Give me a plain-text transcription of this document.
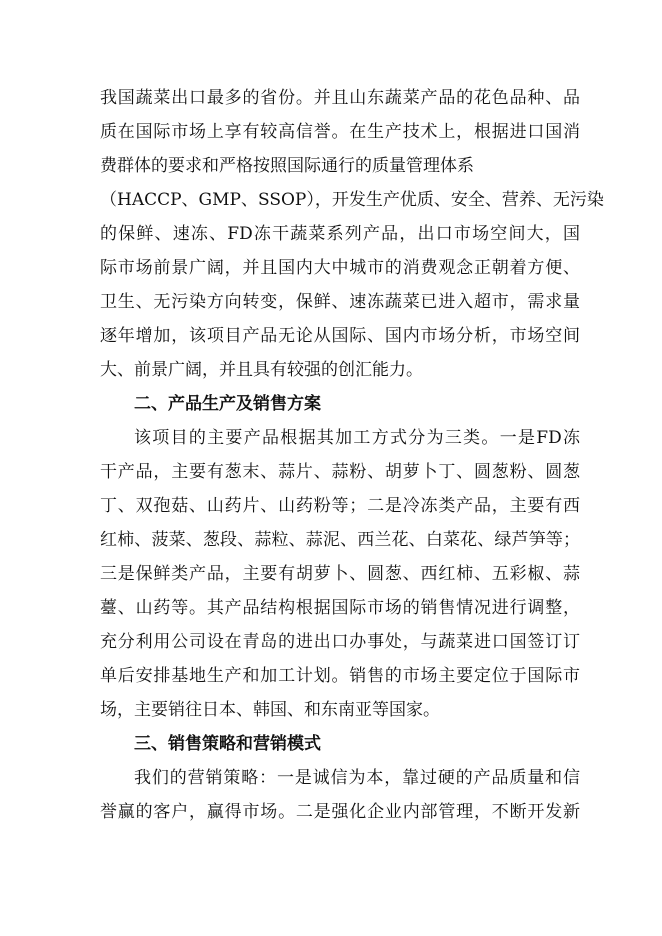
我国蔬菜出口最多的省份。并且山东蔬菜产品的花色品种、品
质在国际市场上享有较高信誉。在生产技术上，根据进口国消
费群体的要求和严格按照国际通行的质量管理体系
（HACCP、GMP、SSOP），开发生产优质、安全、营养、无污染
的保鲜、速冻、FD冻干蔬菜系列产品，出口市场空间大，国
际市场前景广阔，并且国内大中城市的消费观念正朝着方便、
卫生、无污染方向转变，保鲜、速冻蔬菜已进入超市，需求量
逐年增加，该项目产品无论从国际、国内市场分析，市场空间
大、前景广阔，并且具有较强的创汇能力。
二、产品生产及销售方案
该项目的主要产品根据其加工方式分为三类。一是FD冻
干产品，主要有葱末、蒜片、蒜粉、胡萝卜丁、圆葱粉、圆葱
丁、双孢菇、山药片、山药粉等；二是冷冻类产品，主要有西
红柿、菠菜、葱段、蒜粒、蒜泥、西兰花、白菜花、绿芦笋等；
三是保鲜类产品，主要有胡萝卜、圆葱、西红柿、五彩椒、蒜
薹、山药等。其产品结构根据国际市场的销售情况进行调整，
充分利用公司设在青岛的进出口办事处，与蔬菜进口国签订订
单后安排基地生产和加工计划。销售的市场主要定位于国际市
场，主要销往日本、韩国、和东南亚等国家。
三、销售策略和营销模式
我们的营销策略：一是诚信为本，靠过硬的产品质量和信
誉赢的客户，赢得市场。二是强化企业内部管理，不断开发新
